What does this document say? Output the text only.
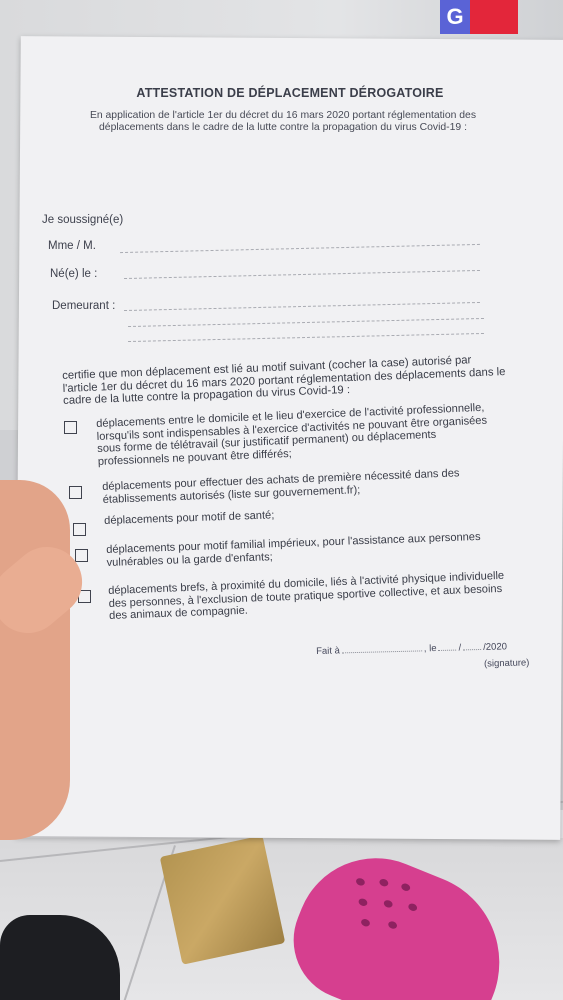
G
ATTESTATION DE DÉPLACEMENT DÉROGATOIRE
En application de l'article 1er du décret du 16 mars 2020 portant réglementation des
déplacements dans le cadre de la lutte contre la propagation du virus Covid-19 :
Je soussigné(e)
Mme / M.
Né(e) le :
Demeurant :
certifie que mon déplacement est lié au motif suivant (cocher la case) autorisé par l'article 1er du décret du 16 mars 2020 portant réglementation des déplacements dans le cadre de la lutte contre la propagation du virus Covid-19 :
déplacements entre le domicile et le lieu d'exercice de l'activité professionnelle, lorsqu'ils sont indispensables à l'exercice d'activités ne pouvant être organisées sous forme de télétravail (sur justificatif permanent) ou déplacements professionnels ne pouvant être différés;
déplacements pour effectuer des achats de première nécessité dans des établissements autorisés (liste sur gouvernement.fr);
déplacements pour motif de santé;
déplacements pour motif familial impérieux, pour l'assistance aux personnes vulnérables ou la garde d'enfants;
déplacements brefs, à proximité du domicile, liés à l'activité physique individuelle des personnes, à l'exclusion de toute pratique sportive collective, et aux besoins des animaux de compagnie.
Fait à	, le / /2020
(signature)
